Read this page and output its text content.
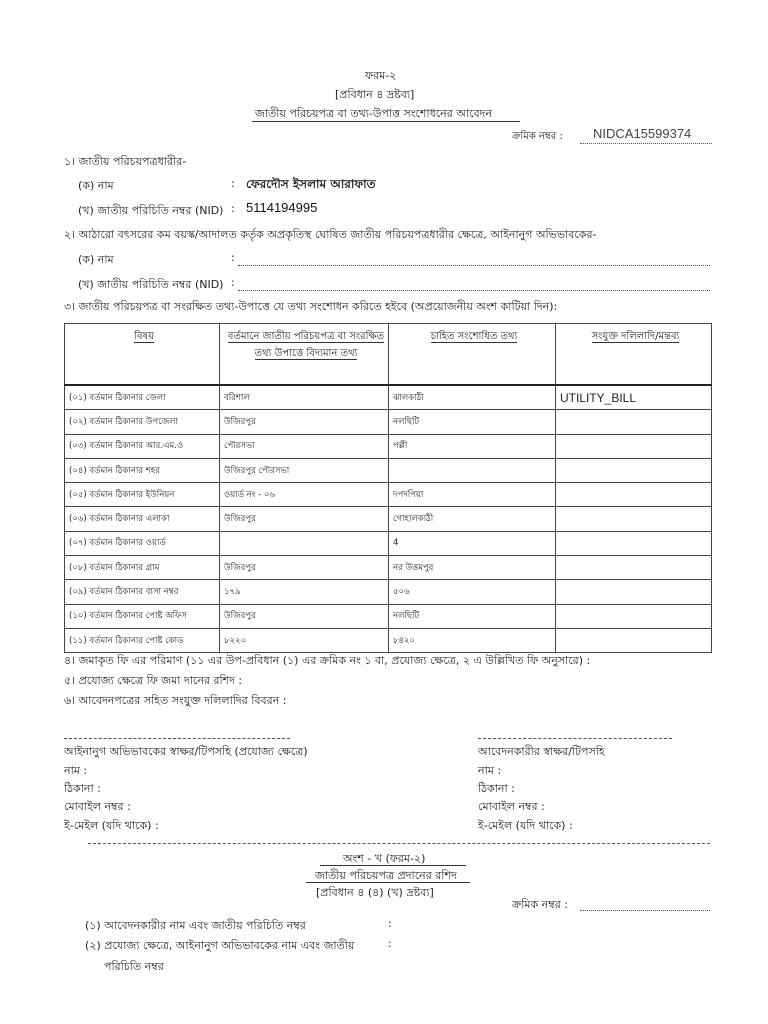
ফরম-২
[প্রবিধান ৪ দ্রষ্টব্য]
জাতীয় পরিচয়পত্র বা তথ্য-উপাত্ত সংশোধনের আবেদন
ক্রমিক নম্বর : NIDCA15599374
১। জাতীয় পরিচয়পত্রধারীর-
(ক) নাম	: ফেরদৌস ইসলাম আরাফাত
(খ) জাতীয় পরিচিতি নম্বর (NID) : 5114194995
২। আঠারো বৎসরের কম বয়স্ক/আদালত কর্তৃক অপ্রকৃতিস্থ ঘোষিত জাতীয় পরিচয়পত্রধারীর ক্ষেত্রে, আইনানুগ অভিভাবকের-
(ক) নাম	:
(খ) জাতীয় পরিচিতি নম্বর (NID) :
৩। জাতীয় পরিচয়পত্র বা সংরক্ষিত তথ্য-উপাত্তে যে তথ্য সংশোধন করিতে হইবে (অপ্রয়োজনীয় অংশ কাটিয়া দিন):
বিষয়	বর্তমানে জাতীয় পরিচয়পত্র বা সংরক্ষিত তথ্য উপাত্তে বিদ্যমান তথ্য	চাহিত সংশোধিত তথ্য	সংযুক্ত দলিলাদি/মন্তব্য
(০১) বর্তমান ঠিকানার জেলা	বরিশাল	ঝালকাঠী	UTILITY_BILL
(০২) বর্তমান ঠিকানার উপজেলা	উজিরপুর	নলছিটি	
(০৩) বর্তমান ঠিকানার আর.এম.ও	পৌরসভা	পল্লী	
(০৪) বর্তমান ঠিকানার শহর	উজিরপুর পৌরসভা		
(০৫) বর্তমান ঠিকানার ইউনিয়ন	ওয়ার্ড নং - ০৬	দপদপিয়া	
(০৬) বর্তমান ঠিকানার এলাকা	উজিরপুর	গোহালকাঠী	
(০৭) বর্তমান ঠিকানার ওয়ার্ড		4	
(০৮) বর্তমান ঠিকানার গ্রাম	উজিরপুর	নর উত্তমপুর	
(০৯) বর্তমান ঠিকানার বাসা নম্বর	১৭৯	৫০৬	
(১০) বর্তমান ঠিকানার পোষ্ট অফিস	উজিরপুর	নলছিটি	
(১১) বর্তমান ঠিকানার পোষ্ট কোড	৮২২০	৮৪২০	
৪। জমাকৃত ফি এর পরিমাণ (১১ এর উপ-প্রবিধান (১) এর ক্রমিক নং ১ বা, প্রযোজ্য ক্ষেত্রে, ২ এ উল্লিখিত ফি অনুসারে) :
৫। প্রযোজ্য ক্ষেত্রে ফি জমা দানের রশিদ :
৬। আবেদনপত্রের সহিত সংযুক্ত দলিলাদির বিবরন :
আইনানুগ অভিভাবকের স্বাক্ষর/টিপসহি (প্রযোজ্য ক্ষেত্রে)
নাম :
ঠিকানা :
মোবাইল নম্বর :
ই-মেইল (যদি থাকে) :
আবেদনকারীর স্বাক্ষর/টিপসহি
নাম :
ঠিকানা :
মোবাইল নম্বর :
ই-মেইল (যদি থাকে) :
অংশ - খ (ফরম-২)
জাতীয় পরিচয়পত্র প্রদানের রশিদ
[প্রবিধান ৪ (৪) (খ) দ্রষ্টব্য]
ক্রমিক নম্বর :
(১) আবেদনকারীর নাম এবং জাতীয় পরিচিতি নম্বর	:
(২) প্রযোজ্য ক্ষেত্রে, আইনানুগ অভিভাবকের নাম এবং জাতীয়	:
পরিচিতি নম্বর
